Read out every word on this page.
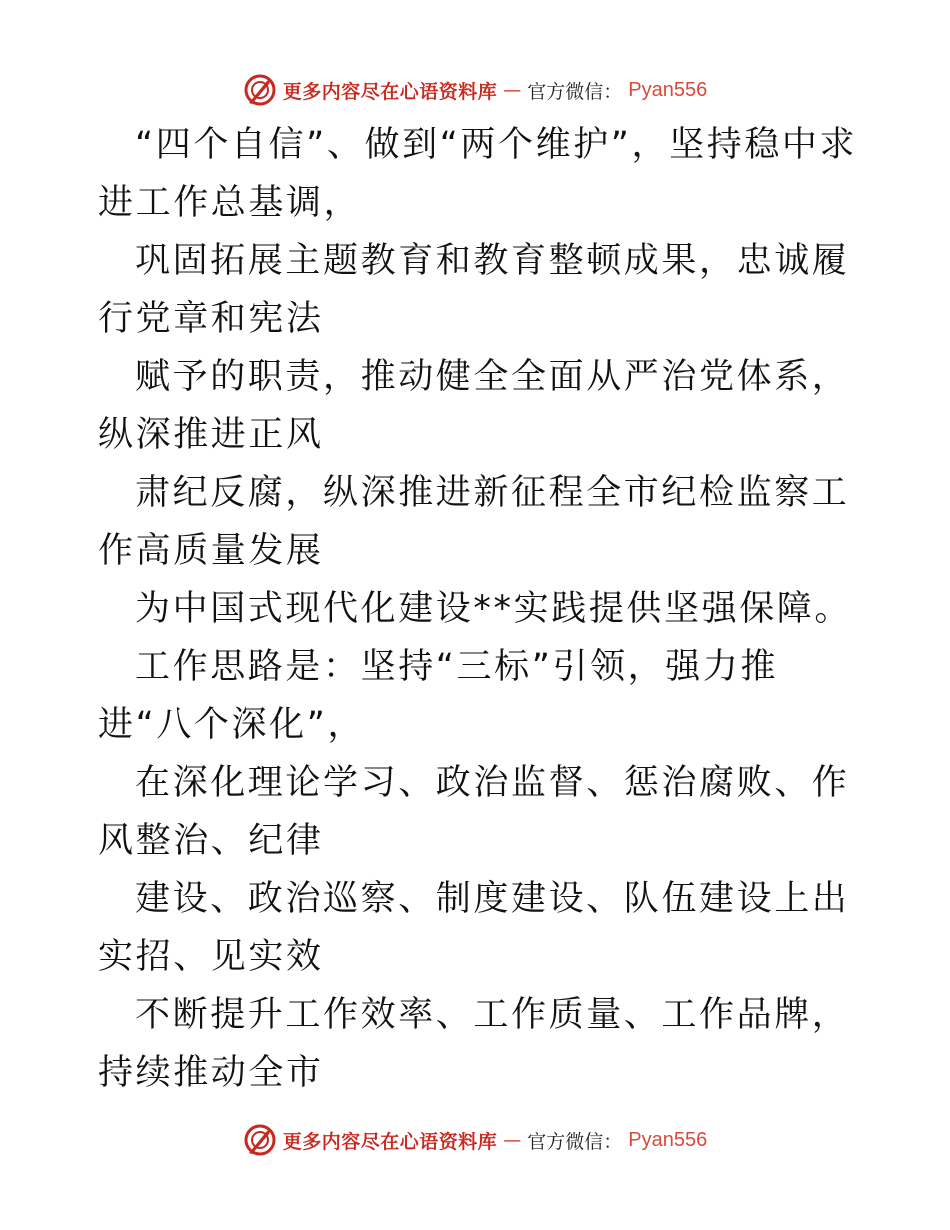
更多内容尽在心语资料库 — 官方微信： Pyan556

“四个自信”、做到“两个维护”，坚持稳中求进工作总基调，

巩固拓展主题教育和教育整顿成果，忠诚履行党章和宪法

赋予的职责，推动健全全面从严治党体系，纵深推进正风

肃纪反腐，纵深推进新征程全市纪检监察工作高质量发展

为中国式现代化建设**实践提供坚强保障。

工作思路是：坚持“三标”引领，强力推进“八个深化”，

在深化理论学习、政治监督、惩治腐败、作风整治、纪律

建设、政治巡察、制度建设、队伍建设上出实招、见实效

不断提升工作效率、工作质量、工作品牌，持续推动全市

更多内容尽在心语资料库 — 官方微信： Pyan556
